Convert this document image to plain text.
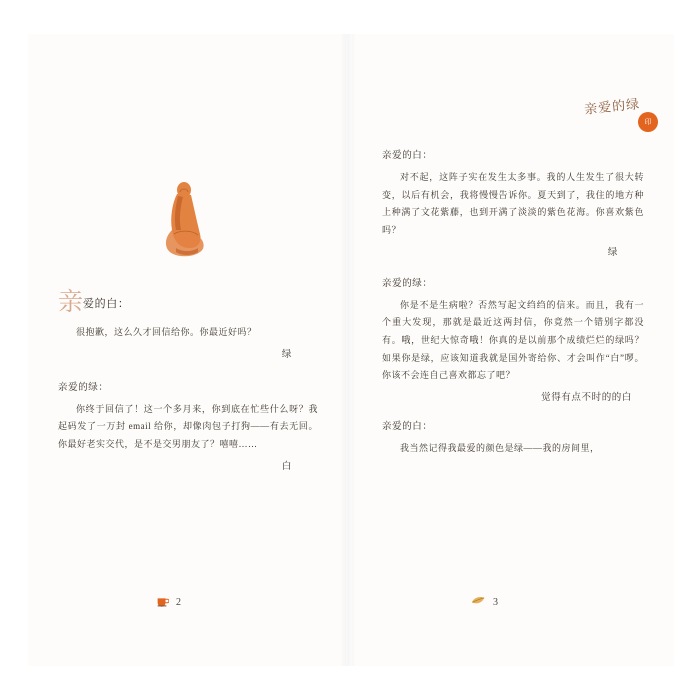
亲爱的绿
印
亲爱的白：
很抱歉，这么久才回信给你。你最近好吗？
绿
亲爱的绿：
你终于回信了！这一个多月来，你到底在忙些什么呀？我起码发了一万封 email 给你，却像肉包子打狗——有去无回。你最好老实交代，是不是交男朋友了？嘻嘻……
白
亲爱的白：
对不起，这阵子实在发生太多事。我的人生发生了很大转变，以后有机会，我将慢慢告诉你。夏天到了，我住的地方种上种满了文花紫藤，也到开满了淡淡的紫色花海。你喜欢紫色吗？
绿
亲爱的绿：
你是不是生病啦？否然写起文绉绉的信来。而且，我有一个重大发现，那就是最近这两封信，你竟然一个错别字都没有。哦，世纪大惊奇哦！你真的是以前那个成绩烂烂的绿吗？如果你是绿，应该知道我就是国外寄给你、才会叫作“白”啰。你该不会连自己喜欢都忘了吧？
觉得有点不时的的白
亲爱的白：
我当然记得我最爱的颜色是绿——我的房间里，
2	3
